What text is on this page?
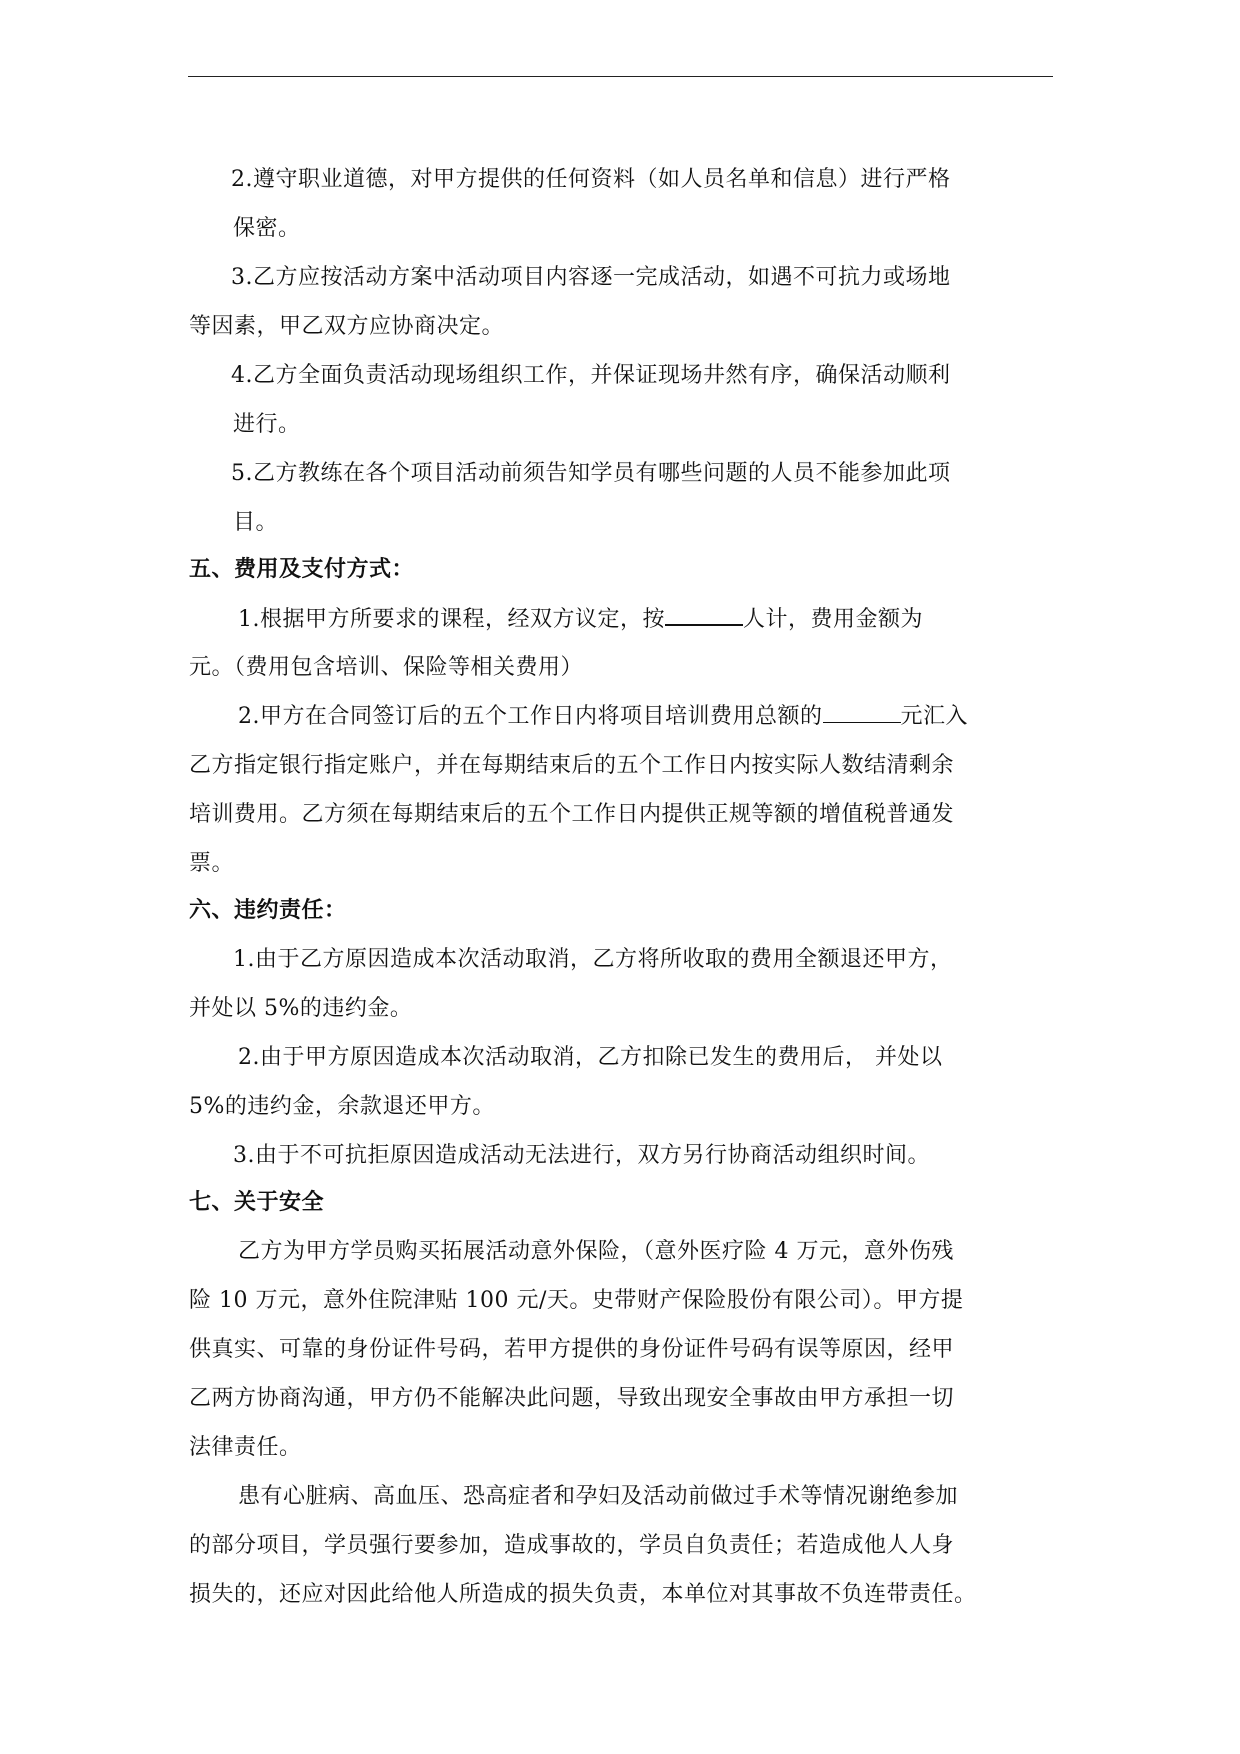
2.遵守职业道德，对甲方提供的任何资料（如人员名单和信息）进行严格
保密。
3.乙方应按活动方案中活动项目内容逐一完成活动，如遇不可抗力或场地
等因素，甲乙双方应协商决定。
4.乙方全面负责活动现场组织工作，并保证现场井然有序，确保活动顺利
进行。
5.乙方教练在各个项目活动前须告知学员有哪些问题的人员不能参加此项
目。
五、费用及支付方式：
1.根据甲方所要求的课程，经双方议定，按	人计，费用金额为
元。（费用包含培训、保险等相关费用）
2.甲方在合同签订后的五个工作日内将项目培训费用总额的	元汇入
乙方指定银行指定账户，并在每期结束后的五个工作日内按实际人数结清剩余
培训费用。乙方须在每期结束后的五个工作日内提供正规等额的增值税普通发
票。
六、违约责任：
1.由于乙方原因造成本次活动取消，乙方将所收取的费用全额退还甲方，
并处以 5%的违约金。
2.由于甲方原因造成本次活动取消，乙方扣除已发生的费用后， 并处以
5%的违约金，余款退还甲方。
3.由于不可抗拒原因造成活动无法进行，双方另行协商活动组织时间。
七、关于安全
乙方为甲方学员购买拓展活动意外保险，（意外医疗险 4 万元，意外伤残
险 10 万元，意外住院津贴 100 元/天。史带财产保险股份有限公司）。甲方提
供真实、可靠的身份证件号码，若甲方提供的身份证件号码有误等原因，经甲
乙两方协商沟通，甲方仍不能解决此问题，导致出现安全事故由甲方承担一切
法律责任。
患有心脏病、高血压、恐高症者和孕妇及活动前做过手术等情况谢绝参加
的部分项目，学员强行要参加，造成事故的，学员自负责任；若造成他人人身
损失的，还应对因此给他人所造成的损失负责，本单位对其事故不负连带责任。
